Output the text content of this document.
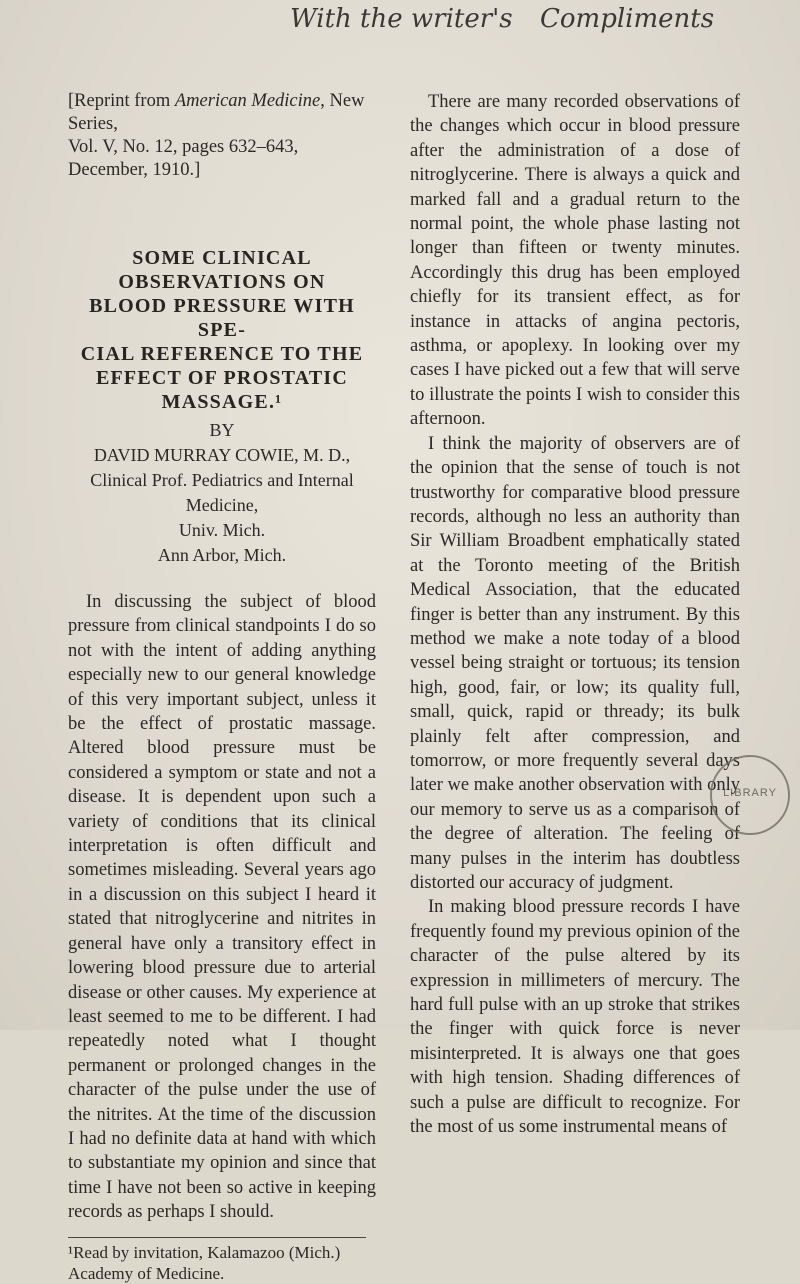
With the writer's Compliments

[Reprint from American Medicine, New Series,
Vol. V, No. 12, pages 632–643, December, 1910.]

SOME CLINICAL OBSERVATIONS ON
BLOOD PRESSURE WITH SPE-
CIAL REFERENCE TO THE
EFFECT OF PROSTATIC MASSAGE.¹

BY

DAVID MURRAY COWIE, M. D.,

Clinical Prof. Pediatrics and Internal Medicine,
Univ. Mich.

Ann Arbor, Mich.

In discussing the subject of blood pressure from clinical standpoints I do so not with the intent of adding anything especially new to our general knowledge of this very important subject, unless it be the effect of prostatic massage. Altered blood pressure must be considered a symptom or state and not a disease. It is dependent upon such a variety of conditions that its clinical interpretation is often difficult and sometimes misleading. Several years ago in a discussion on this subject I heard it stated that nitroglycerine and nitrites in general have only a transitory effect in lowering blood pressure due to arterial disease or other causes. My experience at least seemed to me to be different. I had repeatedly noted what I thought permanent or prolonged changes in the character of the pulse under the use of the nitrites. At the time of the discussion I had no definite data at hand with which to substantiate my opinion and since that time I have not been so active in keeping records as perhaps I should.

¹Read by invitation, Kalamazoo (Mich.) Academy of Medicine.

There are many recorded observations of the changes which occur in blood pressure after the administration of a dose of nitroglycerine. There is always a quick and marked fall and a gradual return to the normal point, the whole phase lasting not longer than fifteen or twenty minutes. Accordingly this drug has been employed chiefly for its transient effect, as for instance in attacks of angina pectoris, asthma, or apoplexy. In looking over my cases I have picked out a few that will serve to illustrate the points I wish to consider this afternoon.

I think the majority of observers are of the opinion that the sense of touch is not trustworthy for comparative blood pressure records, although no less an authority than Sir William Broadbent emphatically stated at the Toronto meeting of the British Medical Association, that the educated finger is better than any instrument. By this method we make a note today of a blood vessel being straight or tortuous; its tension high, good, fair, or low; its quality full, small, quick, rapid or thready; its bulk plainly felt after compression, and tomorrow, or more frequently several days later we make another observation with only our memory to serve us as a comparison of the degree of alteration. The feeling of many pulses in the interim has doubtless distorted our accuracy of judgment.

In making blood pressure records I have frequently found my previous opinion of the character of the pulse altered by its expression in millimeters of mercury. The hard full pulse with an up stroke that strikes the finger with quick force is never misinterpreted. It is always one that goes with high tension. Shading differences of such a pulse are difficult to recognize. For the most of us some instrumental means of

LIBRARY
